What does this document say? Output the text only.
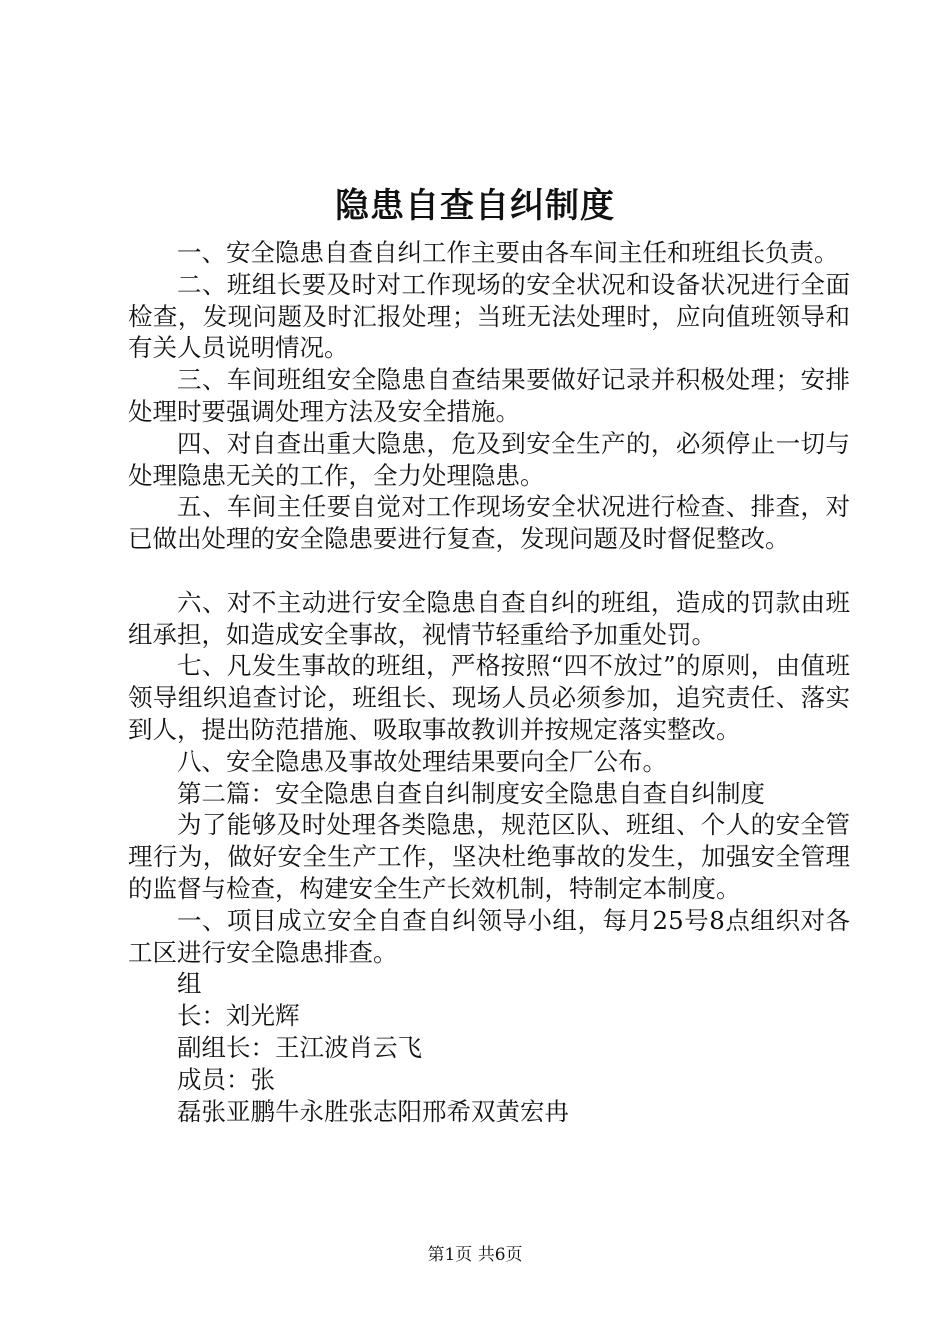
隐患自查自纠制度

一、安全隐患自查自纠工作主要由各车间主任和班组长负责。

二、班组长要及时对工作现场的安全状况和设备状况进行全面检查，发现问题及时汇报处理；当班无法处理时，应向值班领导和有关人员说明情况。

三、车间班组安全隐患自查结果要做好记录并积极处理；安排处理时要强调处理方法及安全措施。

四、对自查出重大隐患，危及到安全生产的，必须停止一切与处理隐患无关的工作，全力处理隐患。

五、车间主任要自觉对工作现场安全状况进行检查、排查，对已做出处理的安全隐患要进行复查，发现问题及时督促整改。

六、对不主动进行安全隐患自查自纠的班组，造成的罚款由班组承担，如造成安全事故，视情节轻重给予加重处罚。

七、凡发生事故的班组，严格按照“四不放过”的原则，由值班领导组织追查讨论，班组长、现场人员必须参加，追究责任、落实到人，提出防范措施、吸取事故教训并按规定落实整改。

八、安全隐患及事故处理结果要向全厂公布。

第二篇：安全隐患自查自纠制度安全隐患自查自纠制度

为了能够及时处理各类隐患，规范区队、班组、个人的安全管理行为，做好安全生产工作，坚决杜绝事故的发生，加强安全管理的监督与检查，构建安全生产长效机制，特制定本制度。

一、项目成立安全自查自纠领导小组，每月25号8点组织对各工区进行安全隐患排查。

组

长：刘光辉

副组长：王江波肖云飞

成员：张

磊张亚鹏牛永胜张志阳邢希双黄宏冉

第1页 共6页
